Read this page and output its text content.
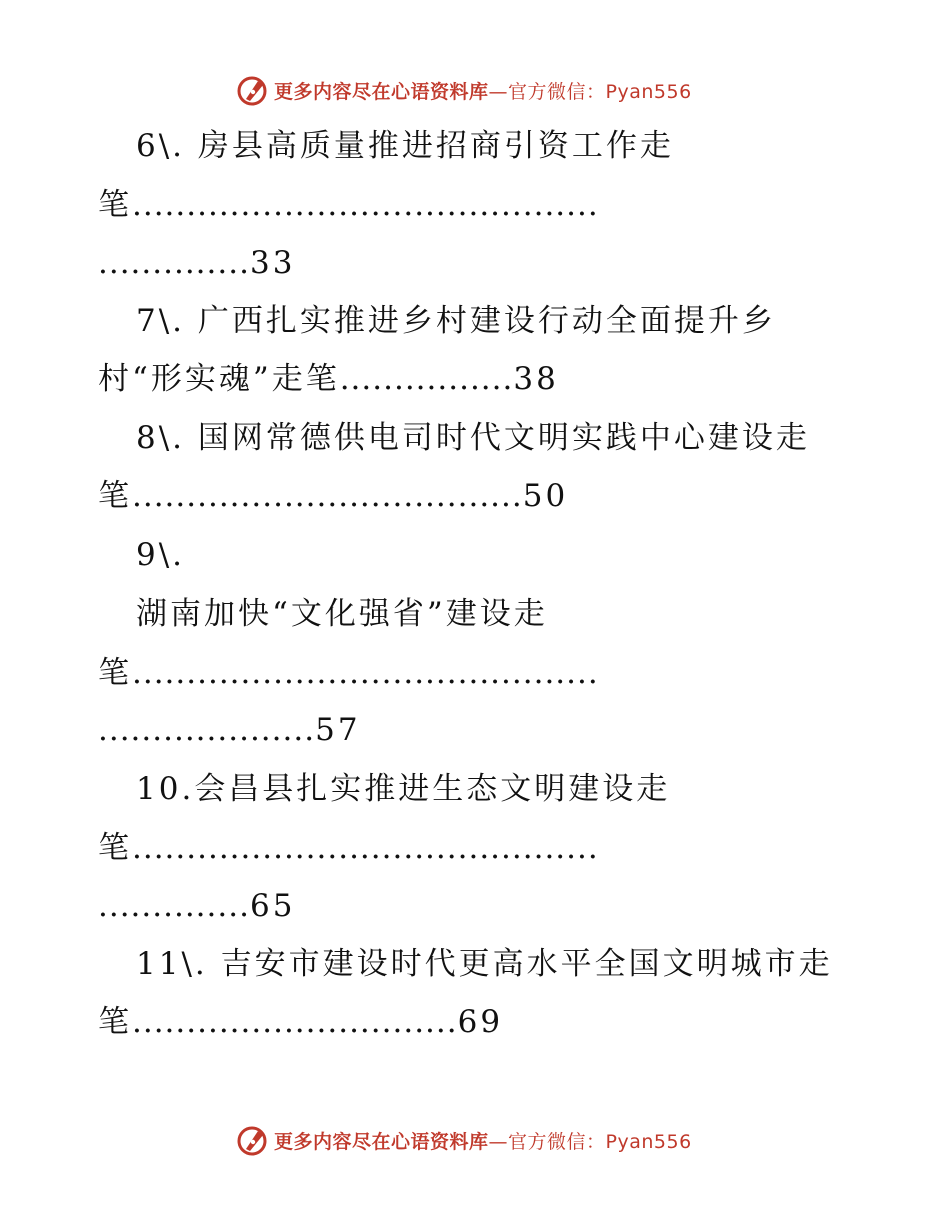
更多内容尽在心语资料库—官方微信：Pyan556
6\. 房县高质量推进招商引资工作走
笔...........................................
..............33
7\. 广西扎实推进乡村建设行动全面提升乡
村“形实魂”走笔................38
8\. 国网常德供电司时代文明实践中心建设走
笔....................................50
9\.
湖南加快“文化强省”建设走
笔...........................................
....................57
10.会昌县扎实推进生态文明建设走
笔...........................................
..............65
11\. 吉安市建设时代更高水平全国文明城市走
笔..............................69
更多内容尽在心语资料库—官方微信：Pyan556
